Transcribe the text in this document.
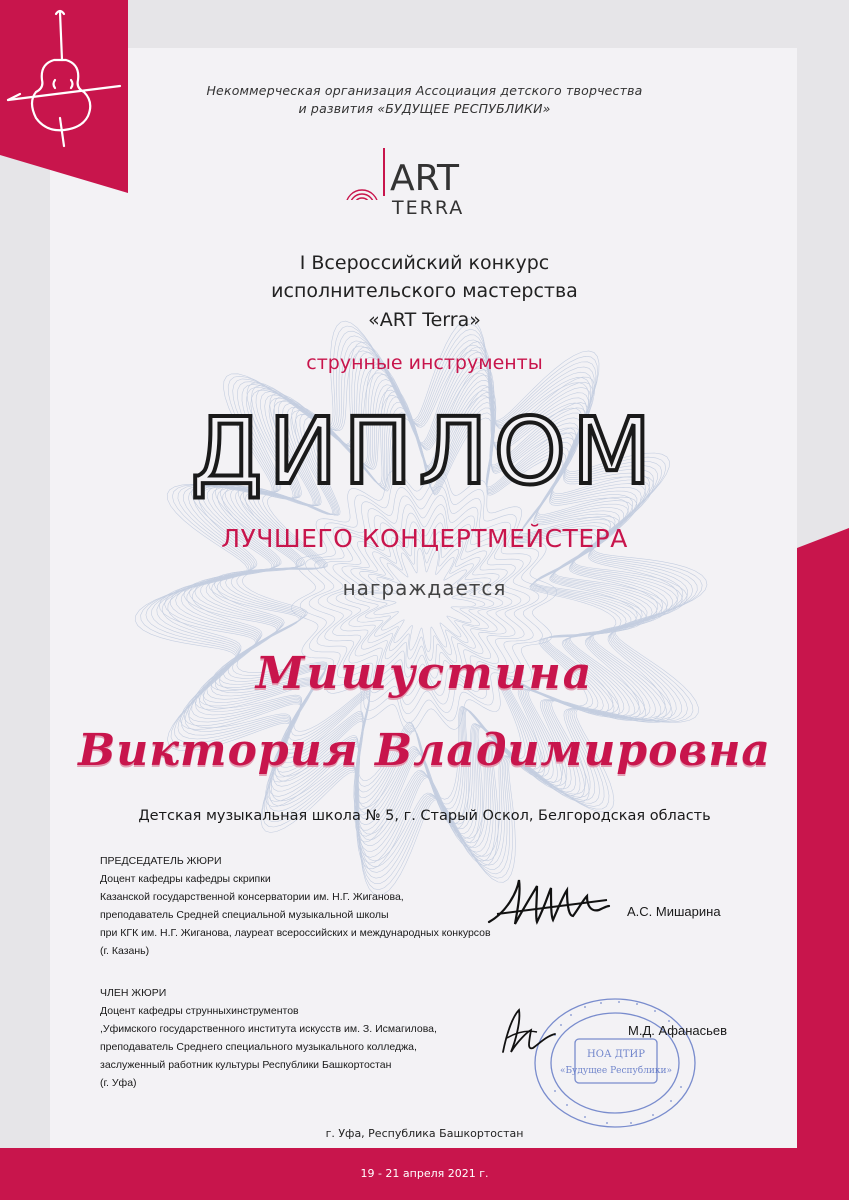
Некоммерческая организация Ассоциация детского творчества
и развития «БУДУЩЕЕ РЕСПУБЛИКИ»
ART
TERRA
I Всероссийский конкурс
исполнительского мастерства
«ART Terra»
струнные инструменты
ДИПЛОМ
ЛУЧШЕГО КОНЦЕРТМЕЙСТЕРА
награждается
Мишустина
Виктория Владимировна
Детская музыкальная школа № 5, г. Старый Оскол, Белгородская область
ПРЕДСЕДАТЕЛЬ ЖЮРИ
Доцент кафедры кафедры скрипки
Казанской государственной консерватории им. Н.Г. Жиганова,
преподаватель Средней специальной музыкальной школы
при КГК им. Н.Г. Жиганова, лауреат всероссийских и международных конкурсов
(г. Казань)
ЧЛЕН ЖЮРИ
Доцент кафедры струнныхинструментов
,Уфимского государственного института искусств им. З. Исмагилова,
преподаватель Среднего специального музыкального колледжа,
заслуженный работник культуры Республики Башкортостан
(г. Уфа)
А.С. Мишарина
НОА ДТИР
«Будущее Республики»
М.Д. Афанасьев
г. Уфа, Республика Башкортостан
19 - 21 апреля 2021 г.
